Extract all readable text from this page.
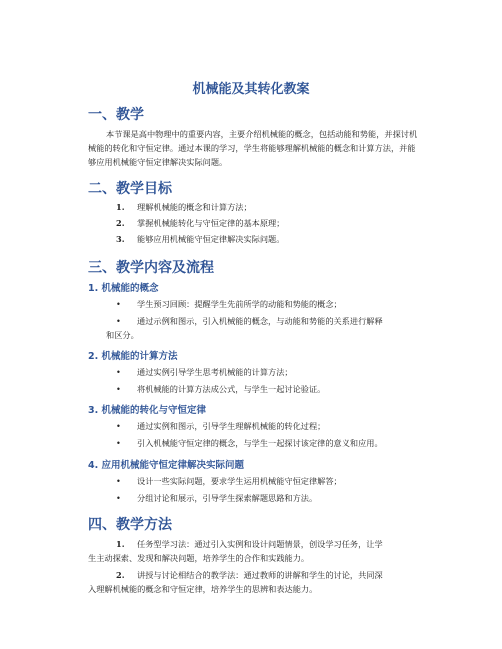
机械能及其转化教案
一、教学

本节课是高中物理中的重要内容，主要介绍机械能的概念，包括动能和势能，并探讨机械能的转化和守恒定律。通过本课的学习，学生将能够理解机械能的概念和计算方法，并能够应用机械能守恒定律解决实际问题。

二、教学目标
1. 理解机械能的概念和计算方法；
2. 掌握机械能转化与守恒定律的基本原理；
3. 能够应用机械能守恒定律解决实际问题。
三、教学内容及流程
1. 机械能的概念
• 学生预习回顾：提醒学生先前所学的动能和势能的概念；
• 通过示例和图示，引入机械能的概念，与动能和势能的关系进行解释
和区分。
2. 机械能的计算方法
• 通过实例引导学生思考机械能的计算方法；
• 将机械能的计算方法成公式，与学生一起讨论验证。
3. 机械能的转化与守恒定律
• 通过实例和图示，引导学生理解机械能的转化过程；
• 引入机械能守恒定律的概念，与学生一起探讨该定律的意义和应用。
4. 应用机械能守恒定律解决实际问题
• 设计一些实际问题，要求学生运用机械能守恒定律解答；
• 分组讨论和展示，引导学生探索解题思路和方法。
四、教学方法
1. 任务型学习法：通过引入实例和设计问题情景，创设学习任务，让学
生主动探索、发现和解决问题，培养学生的合作和实践能力。
2. 讲授与讨论相结合的教学法：通过教师的讲解和学生的讨论，共同深
入理解机械能的概念和守恒定律，培养学生的思辨和表达能力。
